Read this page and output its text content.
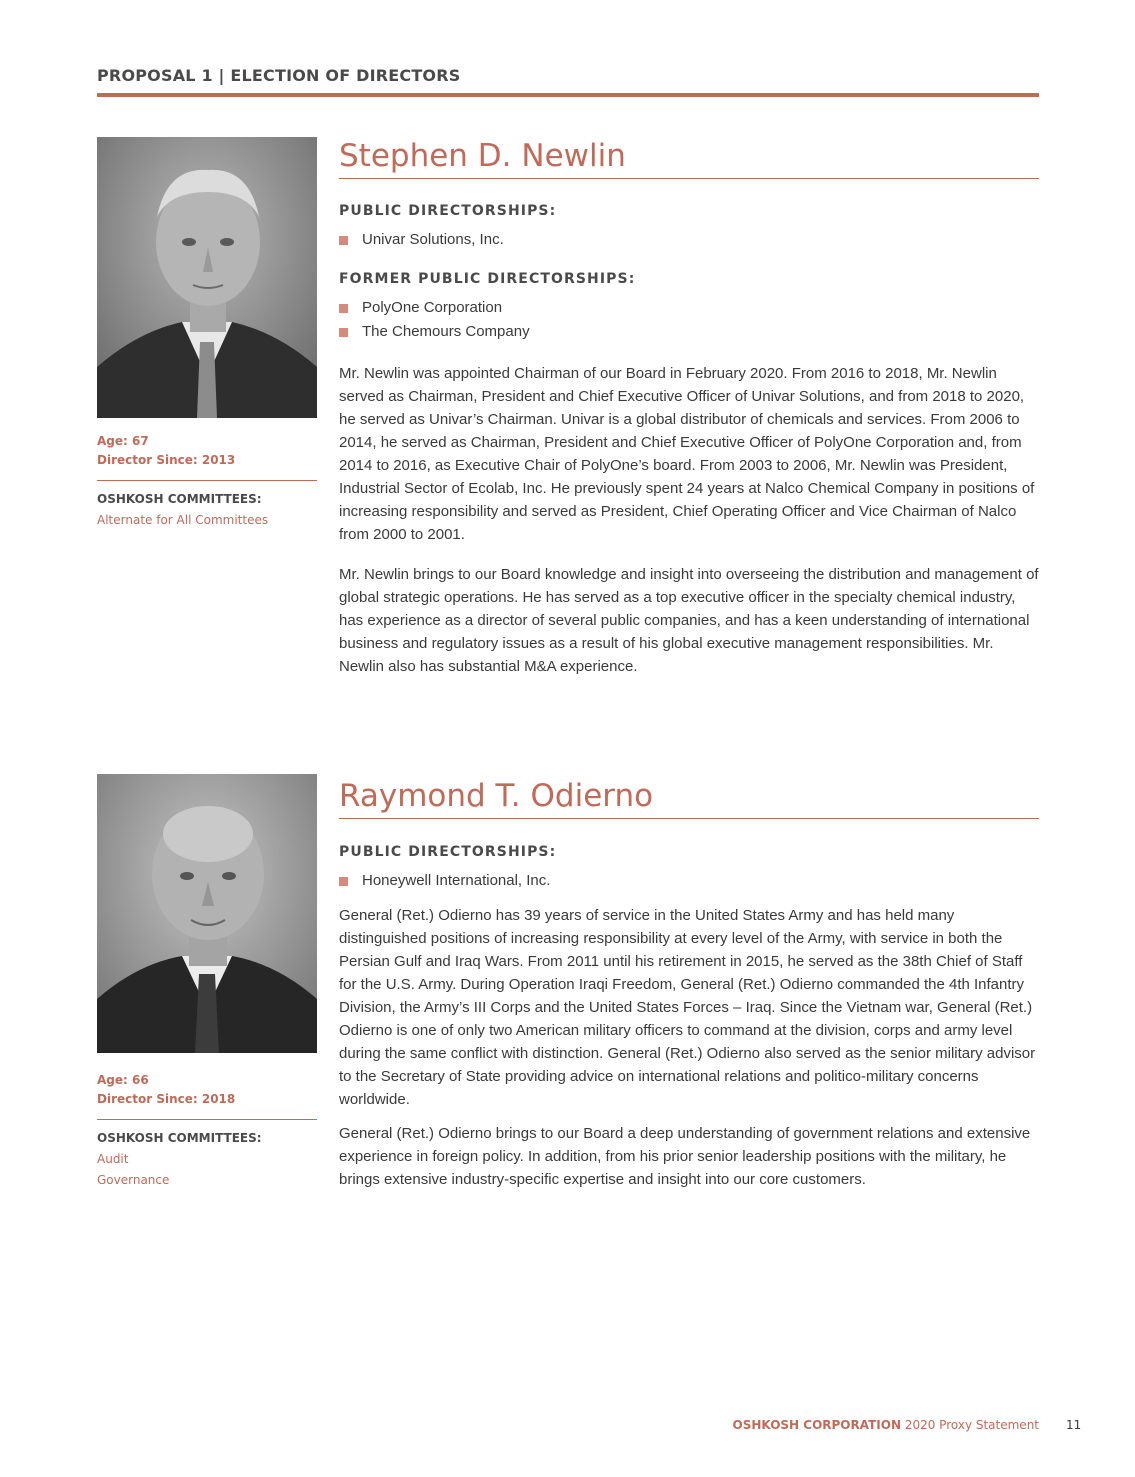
PROPOSAL 1 | ELECTION OF DIRECTORS
Age: 67
Director Since: 2013
OSHKOSH COMMITTEES:
Alternate for All Committees
Stephen D. Newlin
PUBLIC DIRECTORSHIPS:
Univar Solutions, Inc.
FORMER PUBLIC DIRECTORSHIPS:
PolyOne Corporation
The Chemours Company

Mr. Newlin was appointed Chairman of our Board in February 2020. From 2016 to 2018, Mr. Newlin served as Chairman, President and Chief Executive Officer of Univar Solutions, and from 2018 to 2020, he served as Univar’s Chairman. Univar is a global distributor of chemicals and services. From 2006 to 2014, he served as Chairman, President and Chief Executive Officer of PolyOne Corporation and, from 2014 to 2016, as Executive Chair of PolyOne’s board. From 2003 to 2006, Mr. Newlin was President, Industrial Sector of Ecolab, Inc. He previously spent 24 years at Nalco Chemical Company in positions of increasing responsibility and served as President, Chief Operating Officer and Vice Chairman of Nalco from 2000 to 2001.

Mr. Newlin brings to our Board knowledge and insight into overseeing the distribution and management of global strategic operations. He has served as a top executive officer in the specialty chemical industry, has experience as a director of several public companies, and has a keen understanding of international business and regulatory issues as a result of his global executive management responsibilities. Mr. Newlin also has substantial M&A experience.

Age: 66
Director Since: 2018
OSHKOSH COMMITTEES:
Audit
Governance
Raymond T. Odierno
PUBLIC DIRECTORSHIPS:
Honeywell International, Inc.

General (Ret.) Odierno has 39 years of service in the United States Army and has held many distinguished positions of increasing responsibility at every level of the Army, with service in both the Persian Gulf and Iraq Wars. From 2011 until his retirement in 2015, he served as the 38th Chief of Staff for the U.S. Army. During Operation Iraqi Freedom, General (Ret.) Odierno commanded the 4th Infantry Division, the Army’s III Corps and the United States Forces – Iraq. Since the Vietnam war, General (Ret.) Odierno is one of only two American military officers to command at the division, corps and army level during the same conflict with distinction. General (Ret.) Odierno also served as the senior military advisor to the Secretary of State providing advice on international relations and politico-military concerns worldwide.

General (Ret.) Odierno brings to our Board a deep understanding of government relations and extensive experience in foreign policy. In addition, from his prior senior leadership positions with the military, he brings extensive industry-specific expertise and insight into our core customers.

OSHKOSH CORPORATION 2020 Proxy Statement 11
